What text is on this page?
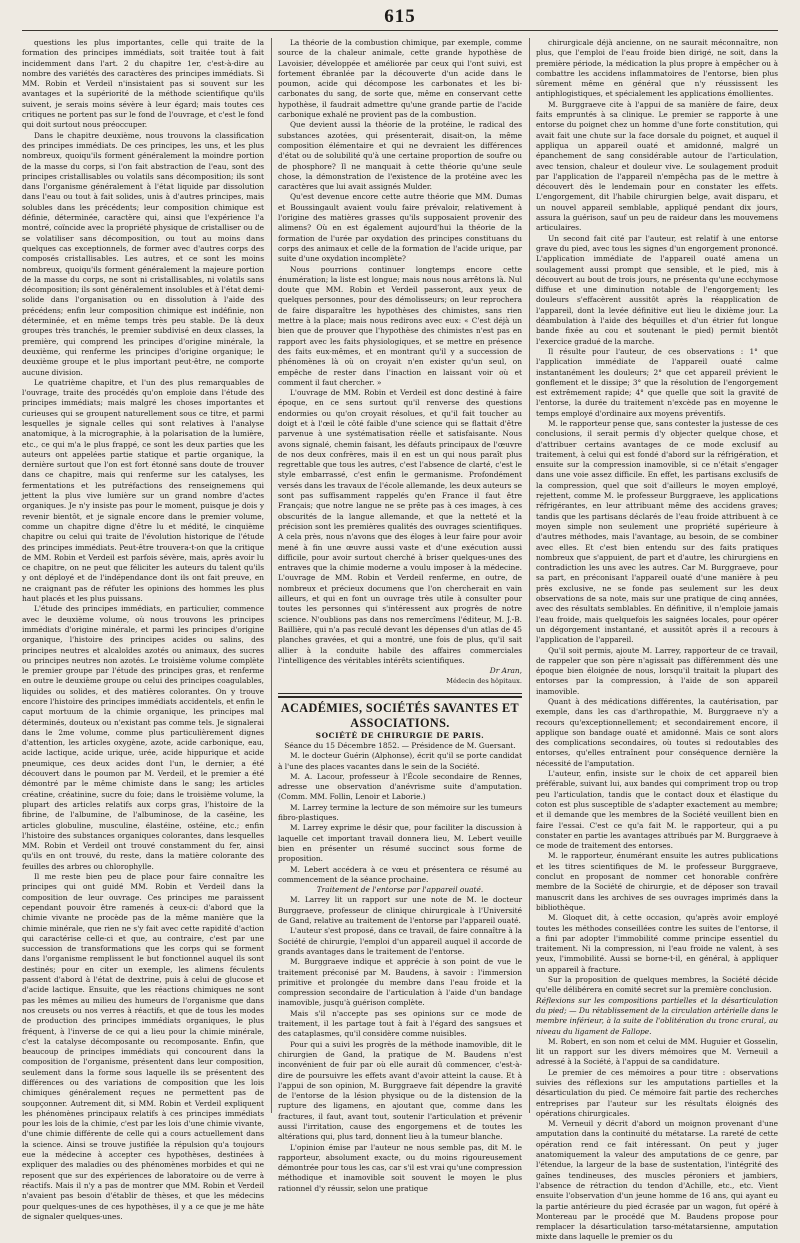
615

questions les plus importantes, celle qui traite de la formation des principes immédiats, soit traitée tout à fait incidemment dans l'art. 2 du chapitre 1er, c'est-à-dire au nombre des variétés des caractères des principes immédiats. Si MM. Robin et Verdeil n'insistaient pas si souvent sur les avantages et la supériorité de la méthode scientifique qu'ils suivent, je serais moins sévère à leur égard; mais toutes ces critiques ne portent pas sur le fond de l'ouvrage, et c'est le fond qui doit surtout nous préoccuper.

Dans le chapitre deuxième, nous trouvons la classification des principes immédiats. De ces principes, les uns, et les plus nombreux, quoiqu'ils forment généralement la moindre portion de la masse du corps, si l'on fait abstraction de l'eau, sont des principes cristallisables ou volatils sans décomposition; ils sont dans l'organisme généralement à l'état liquide par dissolution dans l'eau ou tout à fait solides, unis à d'autres principes, mais solubles dans les précédents; leur composition chimique est définie, déterminée, caractère qui, ainsi que l'expérience l'a montré, coïncide avec la propriété physique de cristalliser ou de se volatiliser sans décomposition, ou tout au moins dans quelques cas exceptionnels, de former avec d'autres corps des composés cristallisables. Les autres, et ce sont les moins nombreux, quoiqu'ils forment généralement la majeure portion de la masse du corps, ne sont ni cristallisables, ni volatils sans décomposition; ils sont généralement insolubles et à l'état demi-solide dans l'organisation ou en dissolution à l'aide des précédens; enfin leur composition chimique est indéfinie, non déterminée, et en même temps très peu stable. De là deux groupes très tranchés, le premier subdivisé en deux classes, la première, qui comprend les principes d'origine minérale, la deuxième, qui renferme les principes d'origine organique; le deuxième groupe et le plus important peut-être, ne comporte aucune division.

Le quatrième chapitre, et l'un des plus remarquables de l'ouvrage, traite des procédés qu'on emploie dans l'étude des principes immédiats; mais malgré les choses importantes et curieuses qui se groupent naturellement sous ce titre, et parmi lesquelles je signale celles qui sont relatives à l'analyse anatomique, à la micrographie, à la polarisation de la lumière, etc., ce qui m'a le plus frappé, ce sont les deux parties que les auteurs ont appelées partie statique et partie organique, la dernière surtout que l'on est fort étonné sans doute de trouver dans ce chapitre, mais qui renferme sur les catalyses, les fermentations et les putréfactions des renseignemens qui jettent la plus vive lumière sur un grand nombre d'actes organiques. Je n'y insiste pas pour le moment, puisque je dois y revenir bientôt, et je signale encore dans le premier volume, comme un chapitre digne d'être lu et médité, le cinquième chapitre ou celui qui traite de l'évolution historique de l'étude des principes immédiats. Peut-être trouvera-t-on que la critique de MM. Robin et Verdeil est parfois sévère, mais, après avoir lu ce chapitre, on ne peut que féliciter les auteurs du talent qu'ils y ont déployé et de l'indépendance dont ils ont fait preuve, en ne craignant pas de réfuter les opinions des hommes les plus haut placés et les plus puissans.

L'étude des principes immédiats, en particulier, commence avec le deuxième volume, où nous trouvons les principes immédiats d'origine minérale, et parmi les principes d'origine organique, l'histoire des principes acides ou salins, des principes neutres et alcaloïdes azotés ou animaux, des sucres ou principes neutres non azotés. Le troisième volume complète le premier groupe par l'étude des principes gras, et renferme en outre le deuxième groupe ou celui des principes coagulables, liquides ou solides, et des matières colorantes. On y trouve encore l'histoire des principes immédiats accidentels, et enfin le caput mortuum de la chimie organique, les principes mal déterminés, douteux ou n'existant pas comme tels. Je signalerai dans le 2me volume, comme plus particulièrement dignes d'attention, les articles oxygène, azote, acide carbonique, eau, acide lactique, acide urique, urée, acide hippurique et acide pneumique, ces deux acides dont l'un, le dernier, a été découvert dans le poumon par M. Verdeil, et le premier a été démontré par le même chimiste dans le sang; les articles créatine, créatinine, sucre du foie; dans le troisième volume, la plupart des articles relatifs aux corps gras, l'histoire de la fibrine, de l'albumine, de l'albuminose, de la caséine, les articles globuline, musculine, élastéine, ostéine, etc.; enfin l'histoire des substances organiques colorantes, dans lesquelles MM. Robin et Verdeil ont trouvé constamment du fer, ainsi qu'ils en ont trouvé, du reste, dans la matière colorante des feuilles des arbres ou chlorophylle.

Il me reste bien peu de place pour faire connaître les principes qui ont guidé MM. Robin et Verdeil dans la composition de leur ouvrage. Ces principes me paraissent cependant pouvoir être ramenés à ceux-ci: d'abord que la chimie vivante ne procède pas de la même manière que la chimie minérale, que rien ne s'y fait avec cette rapidité d'action qui caractérise celle-ci et que, au contraire, c'est par une succession de transformations que les corps qui se forment dans l'organisme remplissent le but fonctionnel auquel ils sont destinés; pour en citer un exemple, les alimens féculents passent d'abord à l'état de dextrine, puis à celui de glucose et d'acide lactique. Ensuite, que les réactions chimiques ne sont pas les mêmes au milieu des humeurs de l'organisme que dans nos creusets ou nos verres à réactifs, et que de tous les modes de production des principes immédiats organiques, le plus fréquent, à l'inverse de ce qui a lieu pour la chimie minérale, c'est la catalyse décomposante ou recomposante. Enfin, que beaucoup de principes immédiats qui concourent dans la composition de l'organisme, présentent dans leur composition, seulement dans la forme sous laquelle ils se présentent des différences ou des variations de composition que les lois chimiques généralement reçues ne permettent pas de soupçonner. Autrement dit, si MM. Robin et Verdeil expliquent les phénomènes principaux relatifs à ces principes immédiats pour les lois de la chimie, c'est par les lois d'une chimie vivante, d'une chimie différente de celle qui a cours actuellement dans la science. Ainsi se trouve justifiée la répulsion qu'a toujours eue la médecine à accepter ces hypothèses, destinées à expliquer des maladies ou des phénomènes morbides et qui ne reposent que sur des expériences de laboratoire ou de verre à réactifs. Mais il n'y a pas de montrer que MM. Robin et Verdeil n'avaient pas besoin d'établir de thèses, et que les médecins pour quelques-unes de ces hypothèses, il y a ce que je me hâte de signaler quelques-unes.

La théorie de la combustion chimique, par exemple, comme source de la chaleur animale, cette grande hypothèse de Lavoisier, développée et améliorée par ceux qui l'ont suivi, est fortement ébranlée par la découverte d'un acide dans le poumon, acide qui décompose les carbonates et les bi-carbonates du sang, de sorte que, même en conservant cette hypothèse, il faudrait admettre qu'une grande partie de l'acide carbonique exhalé ne provient pas de la combustion.

Que devient aussi la théorie de la protéine, le radical des substances azotées, qui présenterait, disait-on, la même composition élémentaire et qui ne devraient les différences d'état ou de solubilité qu'à une certaine proportion de soufre ou de phosphore? Il ne manquait à cette théorie qu'une seule chose, la démonstration de l'existence de la protéine avec les caractères que lui avait assignés Mulder.

Qu'est devenue encore cette autre théorie que MM. Dumas et Boussingault avaient voulu faire prévaloir, relativement à l'origine des matières grasses qu'ils supposaient provenir des alimens? Où en est également aujourd'hui la théorie de la formation de l'urée par oxydation des principes constituans du corps des animaux et celle de la formation de l'acide urique, par suite d'une oxydation incomplète?

Nous pourrions continuer longtemps encore cette énumération; la liste est longue; mais nous nous arrêtons là. Nul doute que MM. Robin et Verdeil passeront, aux yeux de quelques personnes, pour des démolisseurs; on leur reprochera de faire disparaître les hypothèses des chimistes, sans rien mettre à la place; mais nous redirons avec eux: « C'est déjà un bien que de prouver que l'hypothèse des chimistes n'est pas en rapport avec les faits physiologiques, et se mettre en présence des faits eux-mêmes, et en montrant qu'il y a succession de phénomènes là où on croyait n'en exister qu'un seul, on empêche de rester dans l'inaction en laissant voir où et comment il faut chercher. »

L'ouvrage de MM. Robin et Verdeil est donc destiné à faire époque, en ce sens surtout qu'il renverse des questions endormies ou qu'on croyait résolues, et qu'il fait toucher au doigt et à l'œil le côté faible d'une science qui se flattait d'être parvenue à une systématisation réelle et satisfaisante. Nous avons signalé, chemin faisant, les défauts principaux de l'œuvre de nos deux confrères, mais il en est un qui nous paraît plus regrettable que tous les autres, c'est l'absence de clarté, c'est le style embarrassé, c'est enfin le germanisme. Profondément versés dans les travaux de l'école allemande, les deux auteurs se sont pas suffisamment rappelés qu'en France il faut être Français; que notre langue ne se prête pas à ces images, à ces obscurités de la langue allemande, et que la netteté et la précision sont les premières qualités des ouvrages scientifiques. A cela près, nous n'avons que des éloges à leur faire pour avoir mené à fin une œuvre aussi vaste et d'une exécution aussi difficile, pour avoir surtout cherché à briser quelques-unes des entraves que la chimie moderne a voulu imposer à la médecine. L'ouvrage de MM. Robin et Verdeil renferme, en outre, de nombreux et précieux documens que l'on chercherait en vain ailleurs, et qui en font un ouvrage très utile à consulter pour toutes les personnes qui s'intéressent aux progrès de notre science. N'oublions pas dans nos remercîmens l'éditeur, M. J.-B. Baillière, qui n'a pas reculé devant les dépenses d'un atlas de 45 planches gravées, et qui a montré, une fois de plus, qu'il sait allier à la conduite habile des affaires commerciales l'intelligence des véritables intérêts scientifiques.

Dr Aran,

Médecin des hôpitaux.

ACADÉMIES, SOCIÉTÉS SAVANTES ET ASSOCIATIONS.

SOCIÉTÉ DE CHIRURGIE DE PARIS.

Séance du 15 Décembre 1852. — Présidence de M. Guersant.

M. le docteur Guérin (Alphonse), écrit qu'il se porte candidat à l'une des places vacantes dans le sein de la Société.

M. A. Lacour, professeur à l'École secondaire de Rennes, adresse une observation d'anévrisme suite d'amputation. (Comm. MM. Follin, Lenoir et Laborie.)

M. Larrey termine la lecture de son mémoire sur les tumeurs fibro-plastiques.

M. Larrey exprime le désir que, pour faciliter la discussion à laquelle cet important travail donnera lieu, M. Lebert veuille bien en présenter un résumé succinct sous forme de proposition.

M. Lebert accédera à ce vœu et présentera ce résumé au commencement de la séance prochaine.

Traitement de l'entorse par l'appareil ouaté.

M. Larrey lit un rapport sur une note de M. le docteur Burggraeve, professeur de clinique chirurgicale à l'Université de Gand, relative au traitement de l'entorse par l'appareil ouaté.

L'auteur s'est proposé, dans ce travail, de faire connaître à la Société de chirurgie, l'emploi d'un appareil auquel il accorde de grands avantages dans le traitement de l'entorse.

M. Burggraeve indique et apprécie à son point de vue le traitement préconisé par M. Baudens, à savoir : l'immersion primitive et prolongée du membre dans l'eau froide et la compression secondaire de l'articulation à l'aide d'un bandage inamovible, jusqu'à guérison complète.

Mais s'il n'accepte pas ses opinions sur ce mode de traitement, il les partage tout à fait à l'égard des sangsues et des cataplasmes, qu'il considère comme nuisibles.

Pour qui a suivi les progrès de la méthode inamovible, dit le chirurgien de Gand, la pratique de M. Baudens n'est inconvénient de fuir par où elle aurait dû commencer, c'est-à-dire de poursuivre les effets avant d'avoir atteint la cause. Et à l'appui de son opinion, M. Burggraeve fait dépendre la gravité de l'entorse de la lésion physique ou de la distension de la rupture des ligamens, en ajoutant que, comme dans les fractures, il faut, avant tout, soutenir l'articulation et prévenir aussi l'irritation, cause des engorgemens et de toutes les altérations qui, plus tard, donnent lieu à la tumeur blanche.

L'opinion émise par l'auteur ne nous semble pas, dit M. le rapporteur, absolument exacte, ou du moins rigoureusement démontrée pour tous les cas, car s'il est vrai qu'une compression méthodique et inamovible soit souvent le moyen le plus rationnel d'y réussir, selon une pratique

chirurgicale déjà ancienne, on ne saurait méconnaître, non plus, que l'emploi de l'eau froide bien dirigé, ne soit, dans la première période, la médication la plus propre à empêcher ou à combattre les accidens inflammatoires de l'entorse, bien plus sûrement même en général que n'y réussissent les antiphlogistiques, et spécialement les applications émollientes.

M. Burggraeve cite à l'appui de sa manière de faire, deux faits empruntés à sa clinique. Le premier se rapporte à une entorse du poignet chez un homme d'une forte constitution, qui avait fait une chute sur la face dorsale du poignet, et auquel il appliqua un appareil ouaté et amidonné, malgré un épanchement de sang considérable autour de l'articulation, avec tension, chaleur et douleur vive. Le soulagement produit par l'application de l'appareil n'empêcha pas de le mettre à découvert dès le lendemain pour en constater les effets. L'engorgement, dit l'habile chirurgien belge, avait disparu, et un nouvel appareil semblable, appliqué pendant dix jours, assura la guérison, sauf un peu de raideur dans les mouvemens articulaires.

Un second fait cité par l'auteur, est relatif à une entorse grave du pied, avec tous les signes d'un engorgement prononcé. L'application immédiate de l'appareil ouaté amena un soulagement aussi prompt que sensible, et le pied, mis à découvert au bout de trois jours, ne présenta qu'une ecchymose diffuse et une diminution notable de l'engorgement; les douleurs s'effacèrent aussitôt après la réapplication de l'appareil, dont la levée définitive eut lieu le dixième jour. La déambulation à l'aide des béquilles et d'un étrier fut longue bande fixée au cou et soutenant le pied) permit bientôt l'exercice gradué de la marche.

Il résulte pour l'auteur, de ces observations : 1° que l'application immédiate de l'appareil ouaté calme instantanément les douleurs; 2° que cet appareil prévient le gonflement et le dissipe; 3° que la résolution de l'engorgement est extrêmement rapide; 4° que quelle que soit la gravité de l'entorse, la durée du traitement n'excède pas en moyenne le temps employé d'ordinaire aux moyens préventifs.

M. le rapporteur pense que, sans contester la justesse de ces conclusions, il serait permis d'y objecter quelque chose, et d'attribuer certains avantages de ce mode exclusif au traitement, à celui qui est fondé d'abord sur la réfrigération, et ensuite sur la compression inamovible, si ce n'était s'engager dans une voie assez difficile. En effet, les partisans exclusifs de la compression, quel que soit d'ailleurs le moyen employé, rejettent, comme M. le professeur Burggraeve, les applications réfrigérantes, en leur attribuant même des accidens graves; tandis que les partisans déclarés de l'eau froide attribuent à ce moyen simple non seulement une propriété supérieure à d'autres méthodes, mais l'avantage, au besoin, de se combiner avec elles. Et c'est bien entendu sur des faits pratiques nombreux que s'appuient, de part et d'autre, les chirurgiens en contradiction les uns avec les autres. Car M. Burggraeve, pour sa part, en préconisant l'appareil ouaté d'une manière à peu près exclusive, ne se fonde pas seulement sur les deux observations de sa note, mais sur une pratique de cinq années, avec des résultats semblables. En définitive, il n'emploie jamais l'eau froide, mais quelquefois les saignées locales, pour opérer un dégorgement instantané, et aussitôt après il a recours à l'application de l'appareil.

Qu'il soit permis, ajoute M. Larrey, rapporteur de ce travail, de rappeler que son père n'agissait pas différemment dès une époque bien éloignée de nous, lorsqu'il traitait la plupart des entorses par la compression, à l'aide de son appareil inamovible.

Quant à des médications différentes, la cautérisation, par exemple, dans les cas d'arthropathie, M. Burggraeve n'y a recours qu'exceptionnellement; et secondairement encore, il applique son bandage ouaté et amidonné. Mais ce sont alors des complications secondaires, où toutes si redoutables des entorses, qu'elles entraînent pour conséquence dernière la nécessité de l'amputation.

L'auteur, enfin, insiste sur le choix de cet appareil bien préférable, suivant lui, aux bandes qui compriment trop ou trop peu l'articulation, tandis que le contact doux et élastique du coton est plus susceptible de s'adapter exactement au membre; et il demande que les membres de la Société veuillent bien en faire l'essai. C'est ce qu'a fait M. le rapporteur, qui a pu constater en partie les avantages attribués par M. Burggraeve à ce mode de traitement des entorses.

M. le rapporteur, énumérant ensuite les autres publications et les titres scientifiques de M. le professeur Burggraeve, conclut en proposant de nommer cet honorable confrère membre de la Société de chirurgie, et de déposer son travail manuscrit dans les archives de ses ouvrages imprimés dans la bibliothèque.

M. Gloquet dit, à cette occasion, qu'après avoir employé toutes les méthodes conseillées contre les suites de l'entorse, il a fini par adopter l'immobilité comme principe essentiel du traitement. Ni la compression, ni l'eau froide ne valent, à ses yeux, l'immobilité. Aussi se borne-t-il, en général, à appliquer un appareil à fracture.

Sur la proposition de quelques membres, la Société décide qu'elle délibérera en comité secret sur la première conclusion.

Réflexions sur les compositions partielles et la désarticulation du pied; — Du rétablissement de la circulation artérielle dans le membre inférieur, à la suite de l'oblitération du tronc crural, au niveau du ligament de Fallope.

M. Robert, en son nom et celui de MM. Huguier et Gosselin, lit un rapport sur les divers mémoires que M. Verneuil a adressé à la Société, à l'appui de sa candidature.

Le premier de ces mémoires a pour titre : observations suivies des réflexions sur les amputations partielles et la désarticulation du pied. Ce mémoire fait partie des recherches entreprises par l'auteur sur les résultats éloignés des opérations chirurgicales.

M. Verneuil y décrit d'abord un moignon provenant d'une amputation dans la continuité du métatarse. La rareté de cette opération rend ce fait intéressant. On peut y juger anatomiquement la valeur des amputations de ce genre, par l'étendue, la largeur de la base de sustentation, l'intégrité des gaînes tendineuses, des muscles péroniers et jambiers, l'absence de rétraction du tendon d'Achille, etc., etc. Vient ensuite l'observation d'un jeune homme de 16 ans, qui ayant eu la partie antérieure du pied écrasée par un wagon, fut opéré à Montereau par le procédé que M. Baudens propose pour remplacer la désarticulation tarso-métatarsienne, amputation mixte dans laquelle le premier os du
